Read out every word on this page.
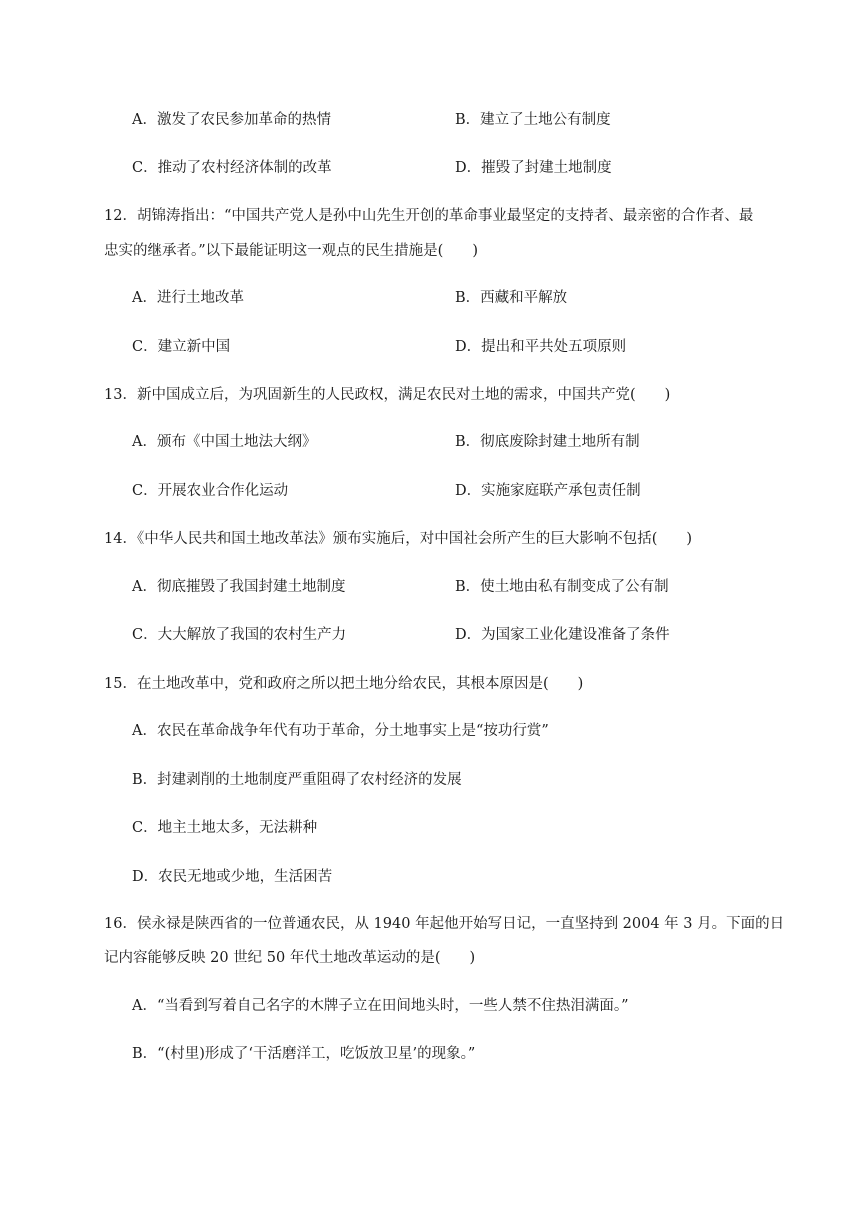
A．激发了农民参加革命的热情	B．建立了土地公有制度
C．推动了农村经济体制的改革	D．摧毁了封建土地制度
12．胡锦涛指出：“中国共产党人是孙中山先生开创的革命事业最坚定的支持者、最亲密的合作者、最
忠实的继承者。”以下最能证明这一观点的民生措施是(　　)
A．进行土地改革	B．西藏和平解放
C．建立新中国	D．提出和平共处五项原则
13．新中国成立后，为巩固新生的人民政权，满足农民对土地的需求，中国共产党(　　)
A．颁布《中国土地法大纲》	B．彻底废除封建土地所有制
C．开展农业合作化运动	D．实施家庭联产承包责任制
14．《中华人民共和国土地改革法》颁布实施后，对中国社会所产生的巨大影响不包括(　　)
A．彻底摧毁了我国封建土地制度	B．使土地由私有制变成了公有制
C．大大解放了我国的农村生产力	D．为国家工业化建设准备了条件
15．在土地改革中，党和政府之所以把土地分给农民，其根本原因是(　　)
A．农民在革命战争年代有功于革命，分土地事实上是“按功行赏”
B．封建剥削的土地制度严重阻碍了农村经济的发展
C．地主土地太多，无法耕种
D．农民无地或少地，生活困苦
16．侯永禄是陕西省的一位普通农民，从 1940 年起他开始写日记，一直坚持到 2004 年 3 月。下面的日
记内容能够反映 20 世纪 50 年代土地改革运动的是(　　)
A．“当看到写着自己名字的木牌子立在田间地头时，一些人禁不住热泪满面。”
B．“(村里)形成了‘干活磨洋工，吃饭放卫星’的现象。”
